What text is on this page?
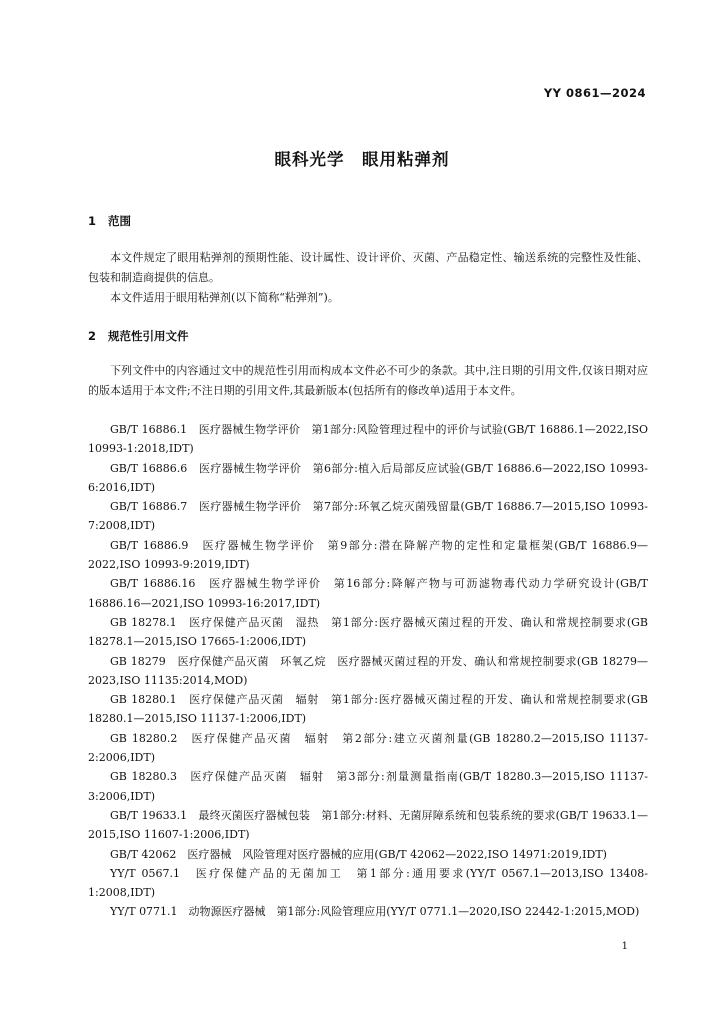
YY 0861—2024
眼科光学　眼用粘弹剂
1 范围

本文件规定了眼用粘弹剂的预期性能、设计属性、设计评价、灭菌、产品稳定性、输送系统的完整性及性能、包装和制造商提供的信息。

本文件适用于眼用粘弹剂(以下简称“粘弹剂”)。

2 规范性引用文件

下列文件中的内容通过文中的规范性引用而构成本文件必不可少的条款。其中,注日期的引用文件,仅该日期对应的版本适用于本文件;不注日期的引用文件,其最新版本(包括所有的修改单)适用于本文件。

GB/T 16886.1　医疗器械生物学评价　第1部分:风险管理过程中的评价与试验(GB/T 16886.1—2022,ISO 10993-1:2018,IDT)

GB/T 16886.6　医疗器械生物学评价　第6部分:植入后局部反应试验(GB/T 16886.6—2022,ISO 10993-6:2016,IDT)

GB/T 16886.7　医疗器械生物学评价　第7部分:环氧乙烷灭菌残留量(GB/T 16886.7—2015,ISO 10993-7:2008,IDT)

GB/T 16886.9　医疗器械生物学评价　第9部分:潜在降解产物的定性和定量框架(GB/T 16886.9—2022,ISO 10993-9:2019,IDT)

GB/T 16886.16　医疗器械生物学评价　第16部分:降解产物与可沥滤物毒代动力学研究设计(GB/T 16886.16—2021,ISO 10993-16:2017,IDT)

GB 18278.1　医疗保健产品灭菌　湿热　第1部分:医疗器械灭菌过程的开发、确认和常规控制要求(GB 18278.1—2015,ISO 17665-1:2006,IDT)

GB 18279　医疗保健产品灭菌　环氧乙烷　医疗器械灭菌过程的开发、确认和常规控制要求(GB 18279—2023,ISO 11135:2014,MOD)

GB 18280.1　医疗保健产品灭菌　辐射　第1部分:医疗器械灭菌过程的开发、确认和常规控制要求(GB 18280.1—2015,ISO 11137-1:2006,IDT)

GB 18280.2　医疗保健产品灭菌　辐射　第2部分:建立灭菌剂量(GB 18280.2—2015,ISO 11137-2:2006,IDT)

GB 18280.3　医疗保健产品灭菌　辐射　第3部分:剂量测量指南(GB/T 18280.3—2015,ISO 11137-3:2006,IDT)

GB/T 19633.1　最终灭菌医疗器械包装　第1部分:材料、无菌屏障系统和包装系统的要求(GB/T 19633.1—2015,ISO 11607-1:2006,IDT)

GB/T 42062　医疗器械　风险管理对医疗器械的应用(GB/T 42062—2022,ISO 14971:2019,IDT)

YY/T 0567.1　医疗保健产品的无菌加工　第1部分:通用要求(YY/T 0567.1—2013,ISO 13408-1:2008,IDT)

YY/T 0771.1　动物源医疗器械　第1部分:风险管理应用(YY/T 0771.1—2020,ISO 22442-1:2015,MOD)

1
